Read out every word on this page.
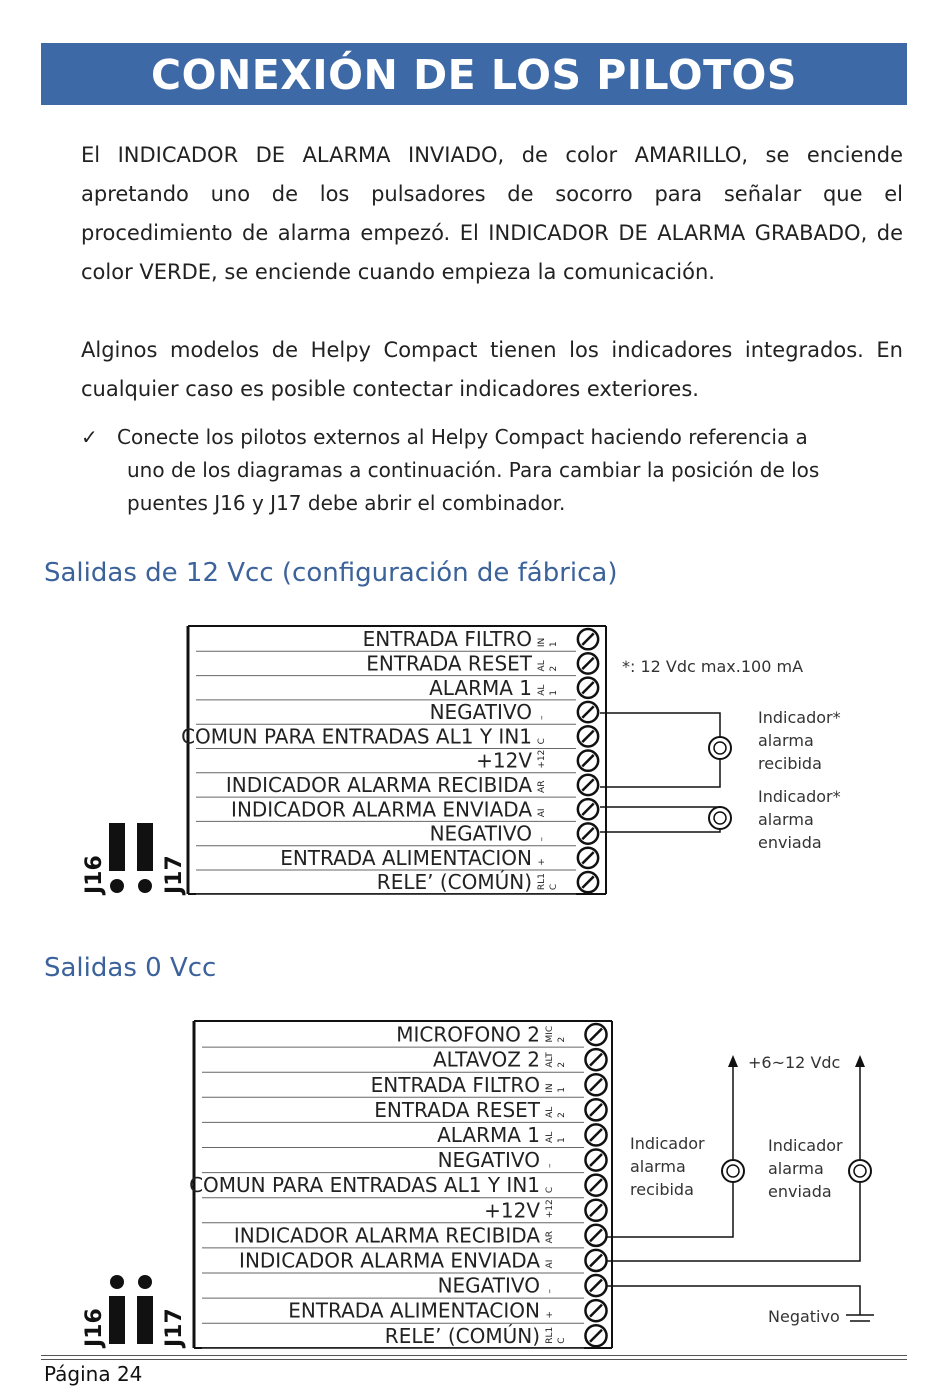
CONEXIÓN DE LOS PILOTOS

El INDICADOR DE ALARMA INVIADO, de color AMARILLO, se enciende apretando uno de los pulsadores de socorro para señalar que el procedimiento de alarma empezó. El INDICADOR DE ALARMA GRABADO, de color VERDE, se enciende cuando empieza la comunicación.

Alginos modelos de Helpy Compact tienen los indicadores integrados. En cualquier caso es posible contectar indicadores exteriores.

✓ Conecte los pilotos externos al Helpy Compact haciendo referencia a
uno de los diagramas a continuación. Para cambiar la posición de los
puentes J16 y J17 debe abrir el combinador.
Salidas de 12 Vcc (configuración de fábrica)
ENTRADA FILTRO IN 1
ENTRADA RESET AL 2
ALARMA 1 AL 1
NEGATIVO –
COMUN PARA ENTRADAS AL1 Y IN1 C
+12V +12
INDICADOR ALARMA RECIBIDA AR
INDICADOR ALARMA ENVIADA AI
NEGATIVO –
ENTRADA ALIMENTACION +
RELE’ (COMÚN) RL1 C
*: 12 Vdc max.100 mA
Indicador*
alarma
recibida
Indicador*
alarma
enviada
J16	J17
Salidas 0 Vcc
MICROFONO 2 MIC 2
ALTAVOZ 2 ALT 2
ENTRADA FILTRO IN 1
ENTRADA RESET AL 2
ALARMA 1 AL 1
NEGATIVO –
COMUN PARA ENTRADAS AL1 Y IN1 C
+12V +12
INDICADOR ALARMA RECIBIDA AR
INDICADOR ALARMA ENVIADA AI
NEGATIVO –
ENTRADA ALIMENTACION +
RELE’ (COMÚN) RL1 C
+6~12 Vdc
Indicador
alarma
recibida
Indicador
alarma
enviada
Negativo
J16	J17
Página 24
